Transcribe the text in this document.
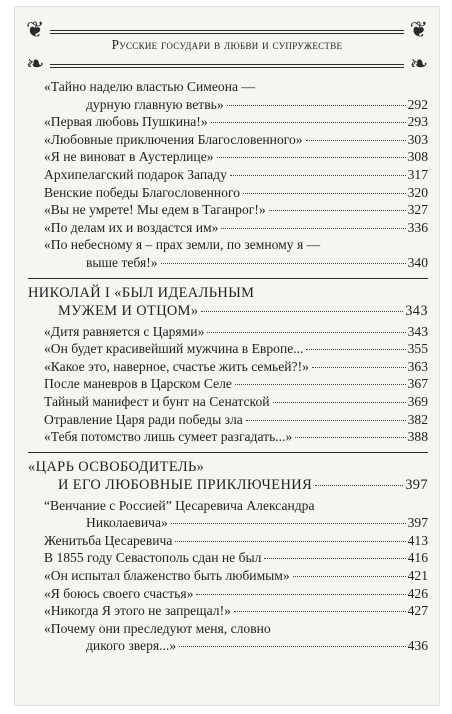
❦	❦
❧	❧
Русские государи в любви и супружестве
«Тайно наделю властью Симеона —
дурную главную ветвь»	292
«Первая любовь Пушкина!»	293
«Любовные приключения Благословенного»	303
«Я не виноват в Аустерлице»	308
Архипелагский подарок Западу	317
Венские победы Благословенного	320
«Вы не умрете! Мы едем в Таганрог!»	327
«По делам их и воздастся им»	336
«По небесному я – прах земли, по земному я —
выше тебя!»	340
НИКОЛАЙ I «БЫЛ ИДЕАЛЬНЫМ
МУЖЕМ И ОТЦОМ»	343
«Дитя равняется с Царями»	343
«Он будет красивейший мужчина в Европе...	355
«Какое это, наверное, счастье жить семьей?!»	363
После маневров в Царском Селе	367
Тайный манифест и бунт на Сенатской	369
Отравление Царя ради победы зла	382
«Тебя потомство лишь сумеет разгадать...»	388
«ЦАРЬ ОСВОБОДИТЕЛЬ»
И ЕГО ЛЮБОВНЫЕ ПРИКЛЮЧЕНИЯ	397
“Венчание с Россией” Цесаревича Александра
Николаевича»	397
Женитьба Цесаревича	413
В 1855 году Севастополь сдан не был	416
«Он испытал блаженство быть любимым»	421
«Я боюсь своего счастья»	426
«Никогда Я этого не запрещал!»	427
«Почему они преследуют меня, словно
дикого зверя...»	436
